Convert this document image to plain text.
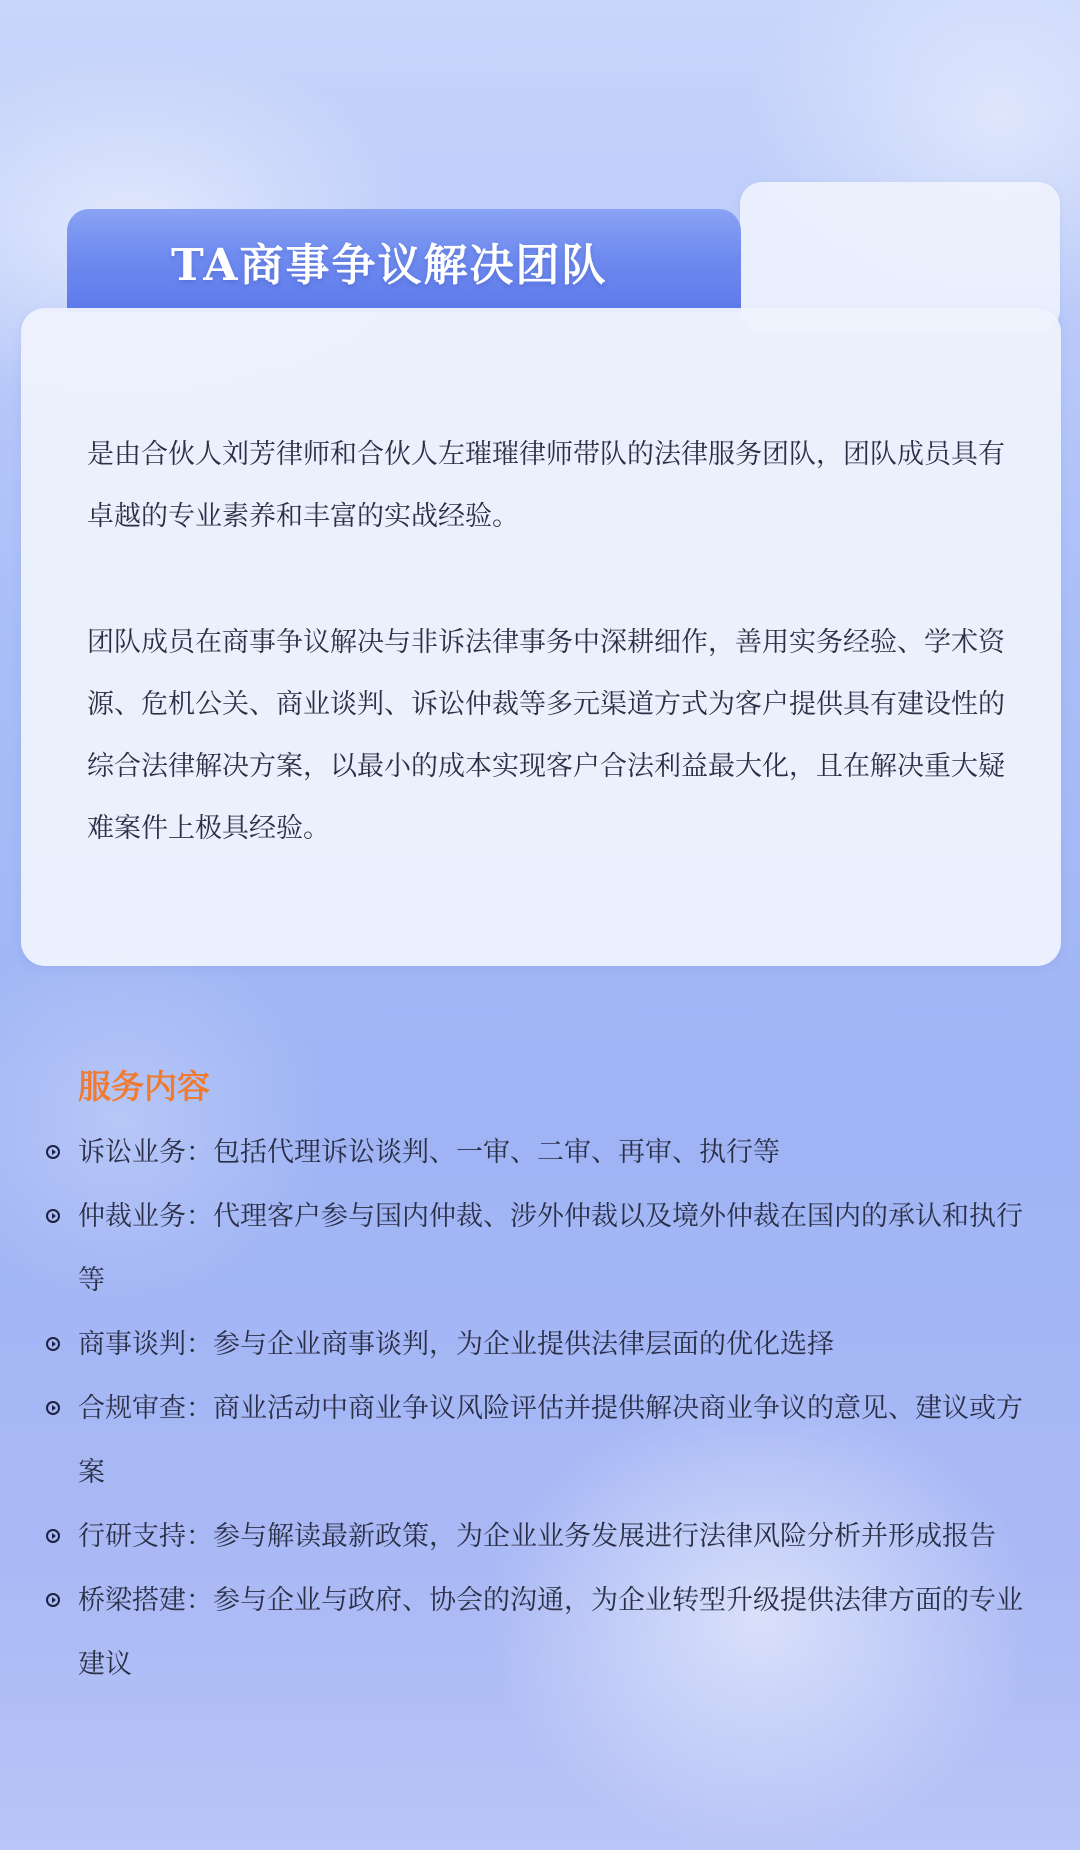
TA商事争议解决团队

是由合伙人刘芳律师和合伙人左璀璀律师带队的法律服务团队，团队成员具有卓越的专业素养和丰富的实战经验。

团队成员在商事争议解决与非诉法律事务中深耕细作，善用实务经验、学术资源、危机公关、商业谈判、诉讼仲裁等多元渠道方式为客户提供具有建设性的综合法律解决方案，以最小的成本实现客户合法利益最大化，且在解决重大疑难案件上极具经验。

服务内容
诉讼业务：包括代理诉讼谈判、一审、二审、再审、执行等
仲裁业务：代理客户参与国内仲裁、涉外仲裁以及境外仲裁在国内的承认和执行等
商事谈判：参与企业商事谈判，为企业提供法律层面的优化选择
合规审查：商业活动中商业争议风险评估并提供解决商业争议的意见、建议或方案
行研支持：参与解读最新政策，为企业业务发展进行法律风险分析并形成报告
桥梁搭建：参与企业与政府、协会的沟通，为企业转型升级提供法律方面的专业建议
